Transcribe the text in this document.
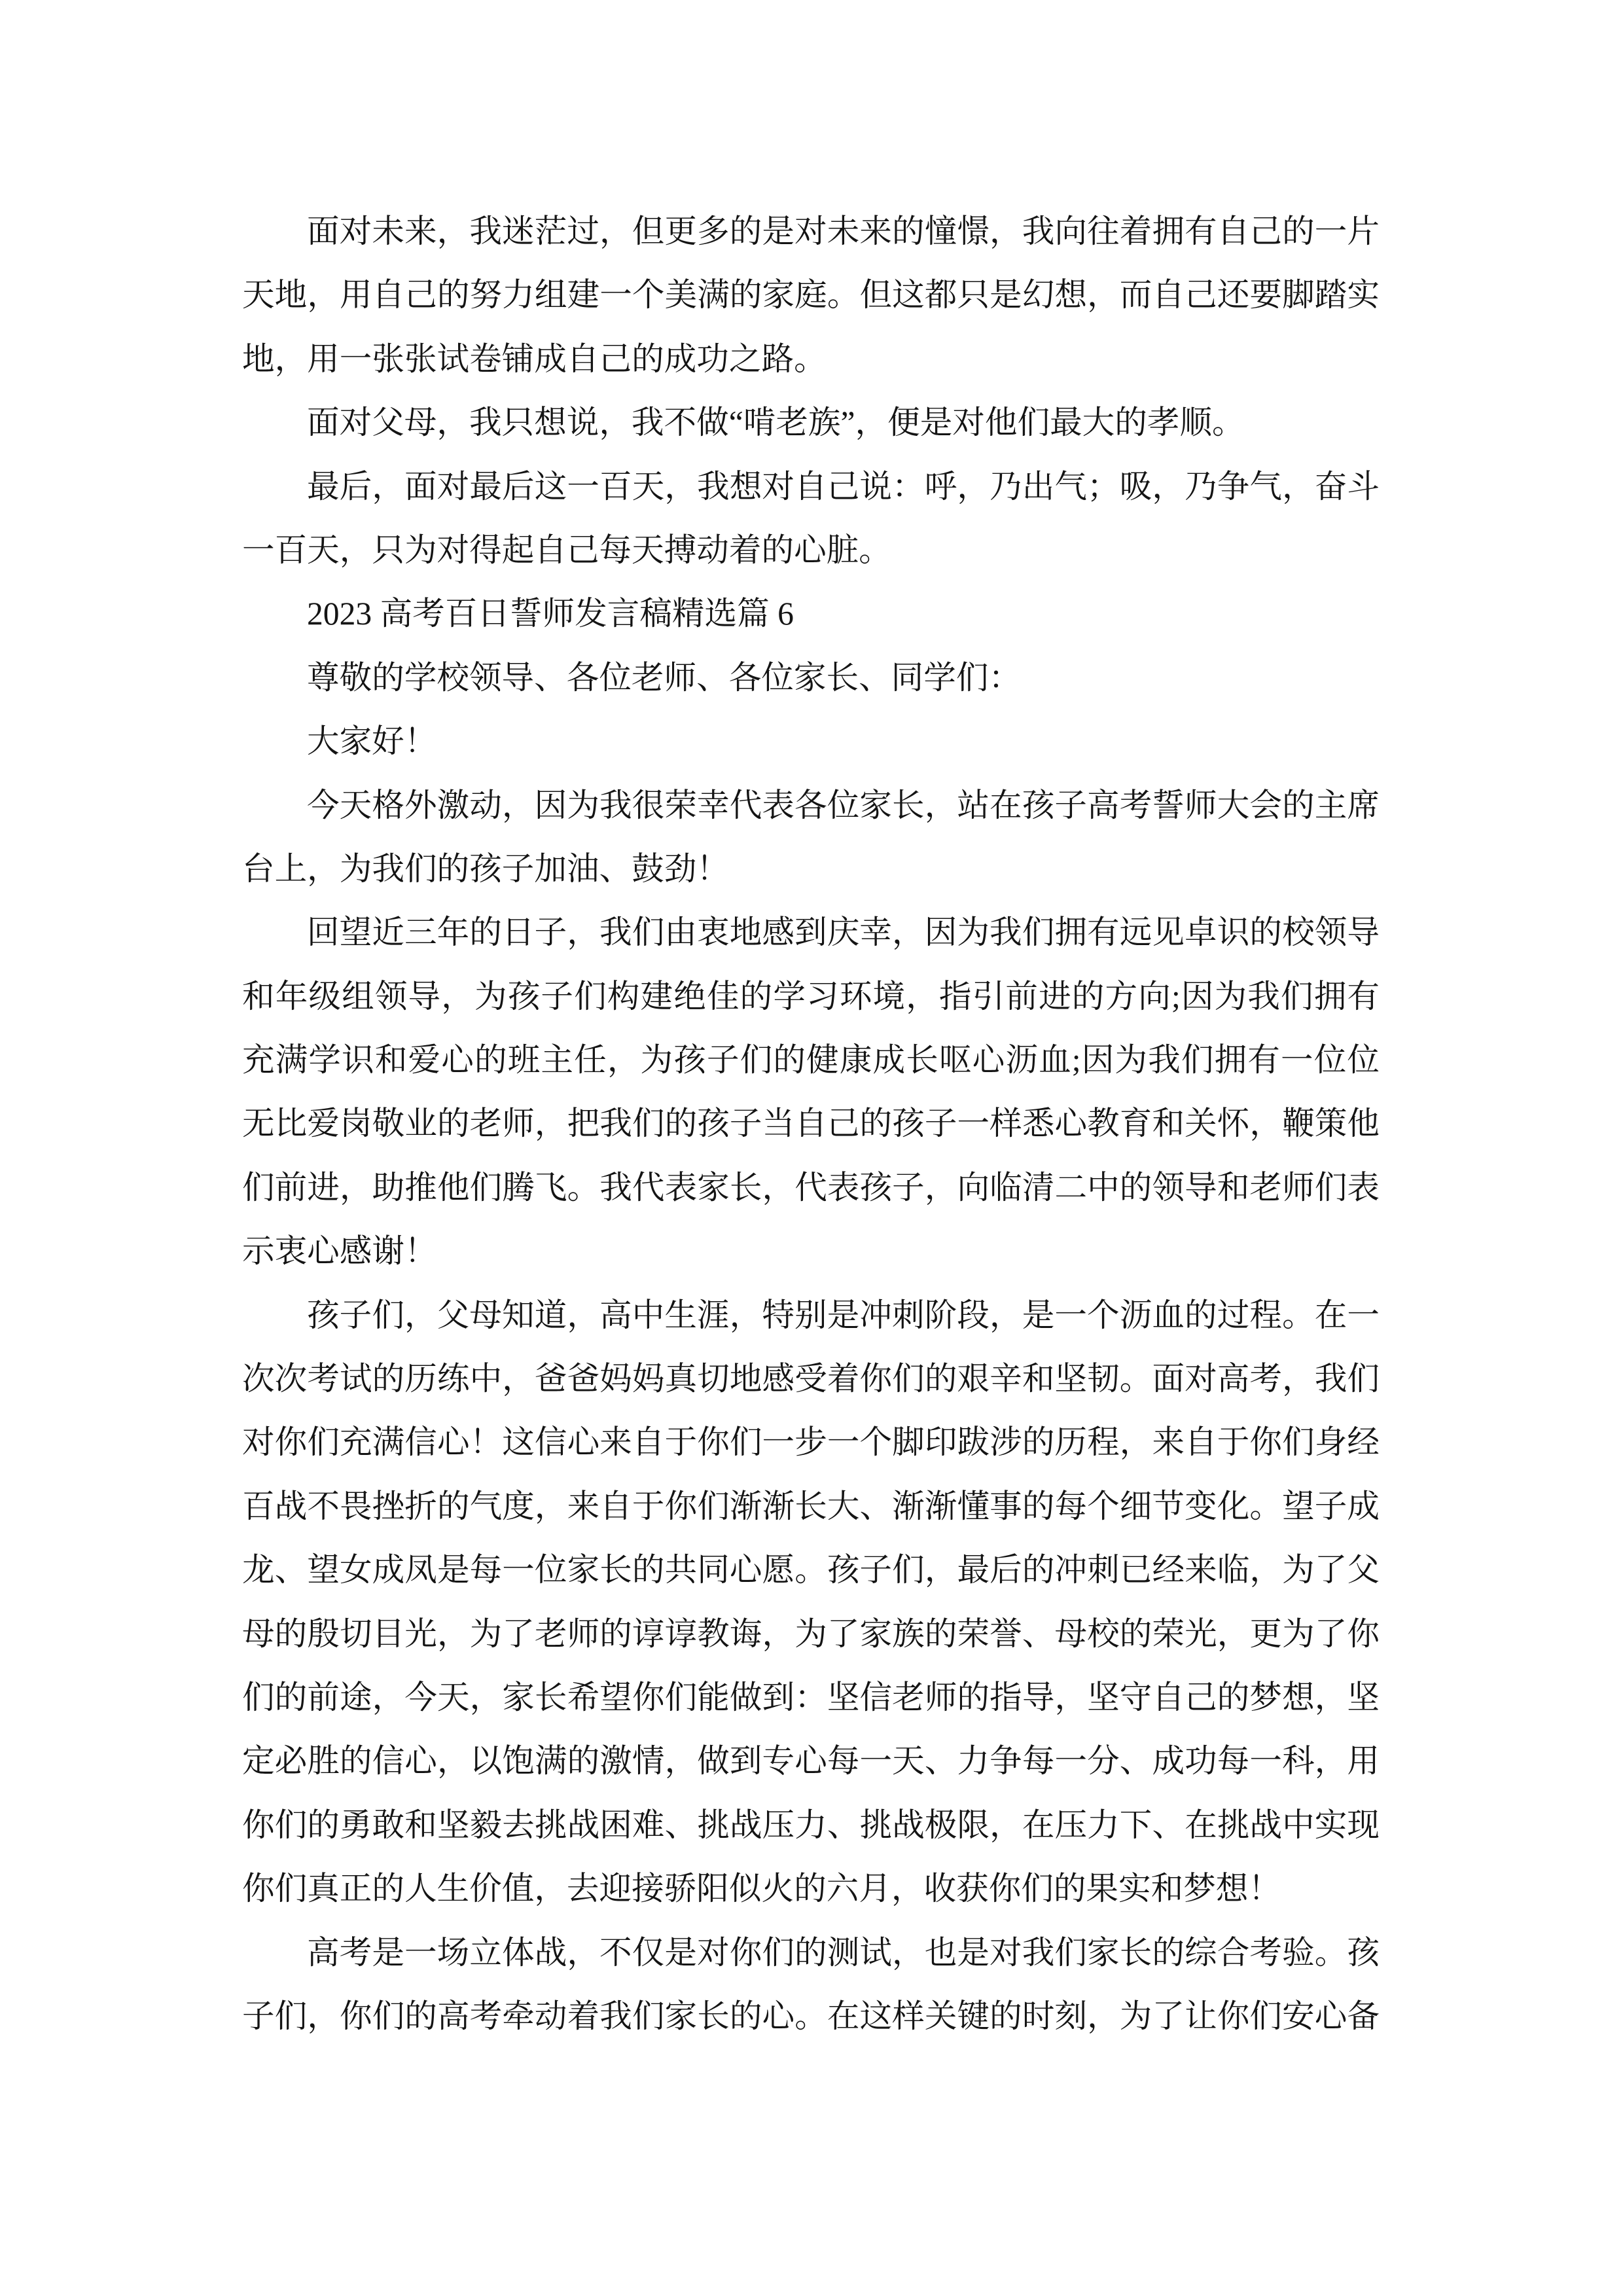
面对未来，我迷茫过，但更多的是对未来的憧憬，我向往着拥有自己的一片
天地，用自己的努力组建一个美满的家庭。但这都只是幻想，而自己还要脚踏实
地，用一张张试卷铺成自己的成功之路。
面对父母，我只想说，我不做“啃老族”，便是对他们最大的孝顺。
最后，面对最后这一百天，我想对自己说：呼，乃出气；吸，乃争气，奋斗
一百天，只为对得起自己每天搏动着的心脏。
2023 高考百日誓师发言稿精选篇 6
尊敬的学校领导、各位老师、各位家长、同学们：
大家好！
今天格外激动，因为我很荣幸代表各位家长，站在孩子高考誓师大会的主席
台上，为我们的孩子加油、鼓劲！
回望近三年的日子，我们由衷地感到庆幸，因为我们拥有远见卓识的校领导
和年级组领导，为孩子们构建绝佳的学习环境，指引前进的方向;因为我们拥有
充满学识和爱心的班主任，为孩子们的健康成长呕心沥血;因为我们拥有一位位
无比爱岗敬业的老师，把我们的孩子当自己的孩子一样悉心教育和关怀，鞭策他
们前进，助推他们腾飞。我代表家长，代表孩子，向临清二中的领导和老师们表
示衷心感谢！
孩子们，父母知道，高中生涯，特别是冲刺阶段，是一个沥血的过程。在一
次次考试的历练中，爸爸妈妈真切地感受着你们的艰辛和坚韧。面对高考，我们
对你们充满信心！这信心来自于你们一步一个脚印跋涉的历程，来自于你们身经
百战不畏挫折的气度，来自于你们渐渐长大、渐渐懂事的每个细节变化。望子成
龙、望女成凤是每一位家长的共同心愿。孩子们，最后的冲刺已经来临，为了父
母的殷切目光，为了老师的谆谆教诲，为了家族的荣誉、母校的荣光，更为了你
们的前途，今天，家长希望你们能做到：坚信老师的指导，坚守自己的梦想，坚
定必胜的信心，以饱满的激情，做到专心每一天、力争每一分、成功每一科，用
你们的勇敢和坚毅去挑战困难、挑战压力、挑战极限，在压力下、在挑战中实现
你们真正的人生价值，去迎接骄阳似火的六月，收获你们的果实和梦想！
高考是一场立体战，不仅是对你们的测试，也是对我们家长的综合考验。孩
子们，你们的高考牵动着我们家长的心。在这样关键的时刻，为了让你们安心备
